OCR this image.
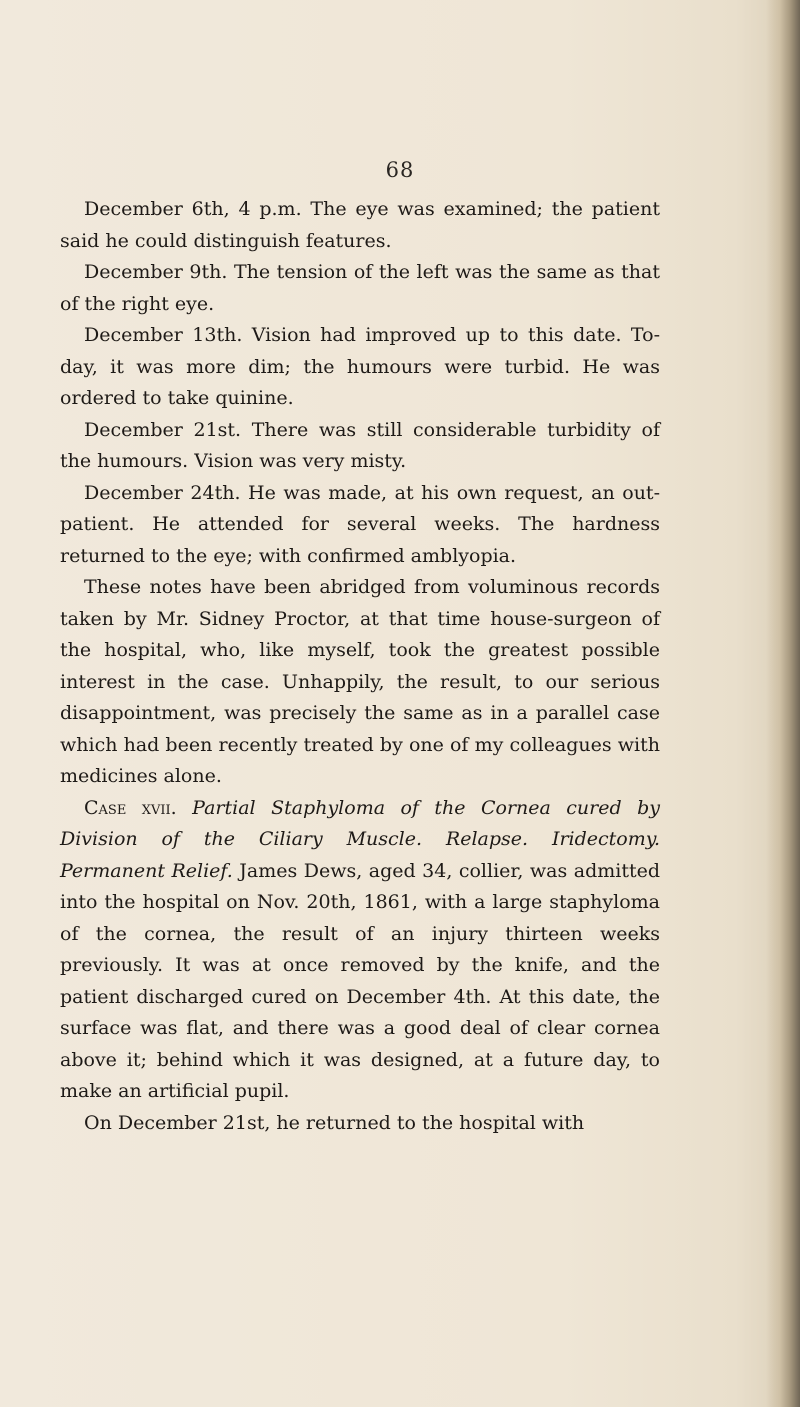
68

December 6th, 4 p.m. The eye was examined; the patient said he could distinguish features.

December 9th. The tension of the left was the same as that of the right eye.

December 13th. Vision had improved up to this date. To-day, it was more dim; the humours were turbid. He was ordered to take quinine.

December 21st. There was still considerable turbidity of the humours. Vision was very misty.

December 24th. He was made, at his own request, an out-patient. He attended for several weeks. The hardness returned to the eye; with confirmed amblyopia.

These notes have been abridged from voluminous records taken by Mr. Sidney Proctor, at that time house-surgeon of the hospital, who, like myself, took the greatest possible interest in the case. Unhappily, the result, to our serious disappointment, was precisely the same as in a parallel case which had been recently treated by one of my colleagues with medicines alone.

Case xvii. Partial Staphyloma of the Cornea cured by Division of the Ciliary Muscle. Relapse. Iridectomy. Permanent Relief. James Dews, aged 34, collier, was admitted into the hospital on Nov. 20th, 1861, with a large staphyloma of the cornea, the result of an injury thirteen weeks previously. It was at once removed by the knife, and the patient discharged cured on December 4th. At this date, the surface was flat, and there was a good deal of clear cornea above it; behind which it was designed, at a future day, to make an artificial pupil.

On December 21st, he returned to the hospital with
